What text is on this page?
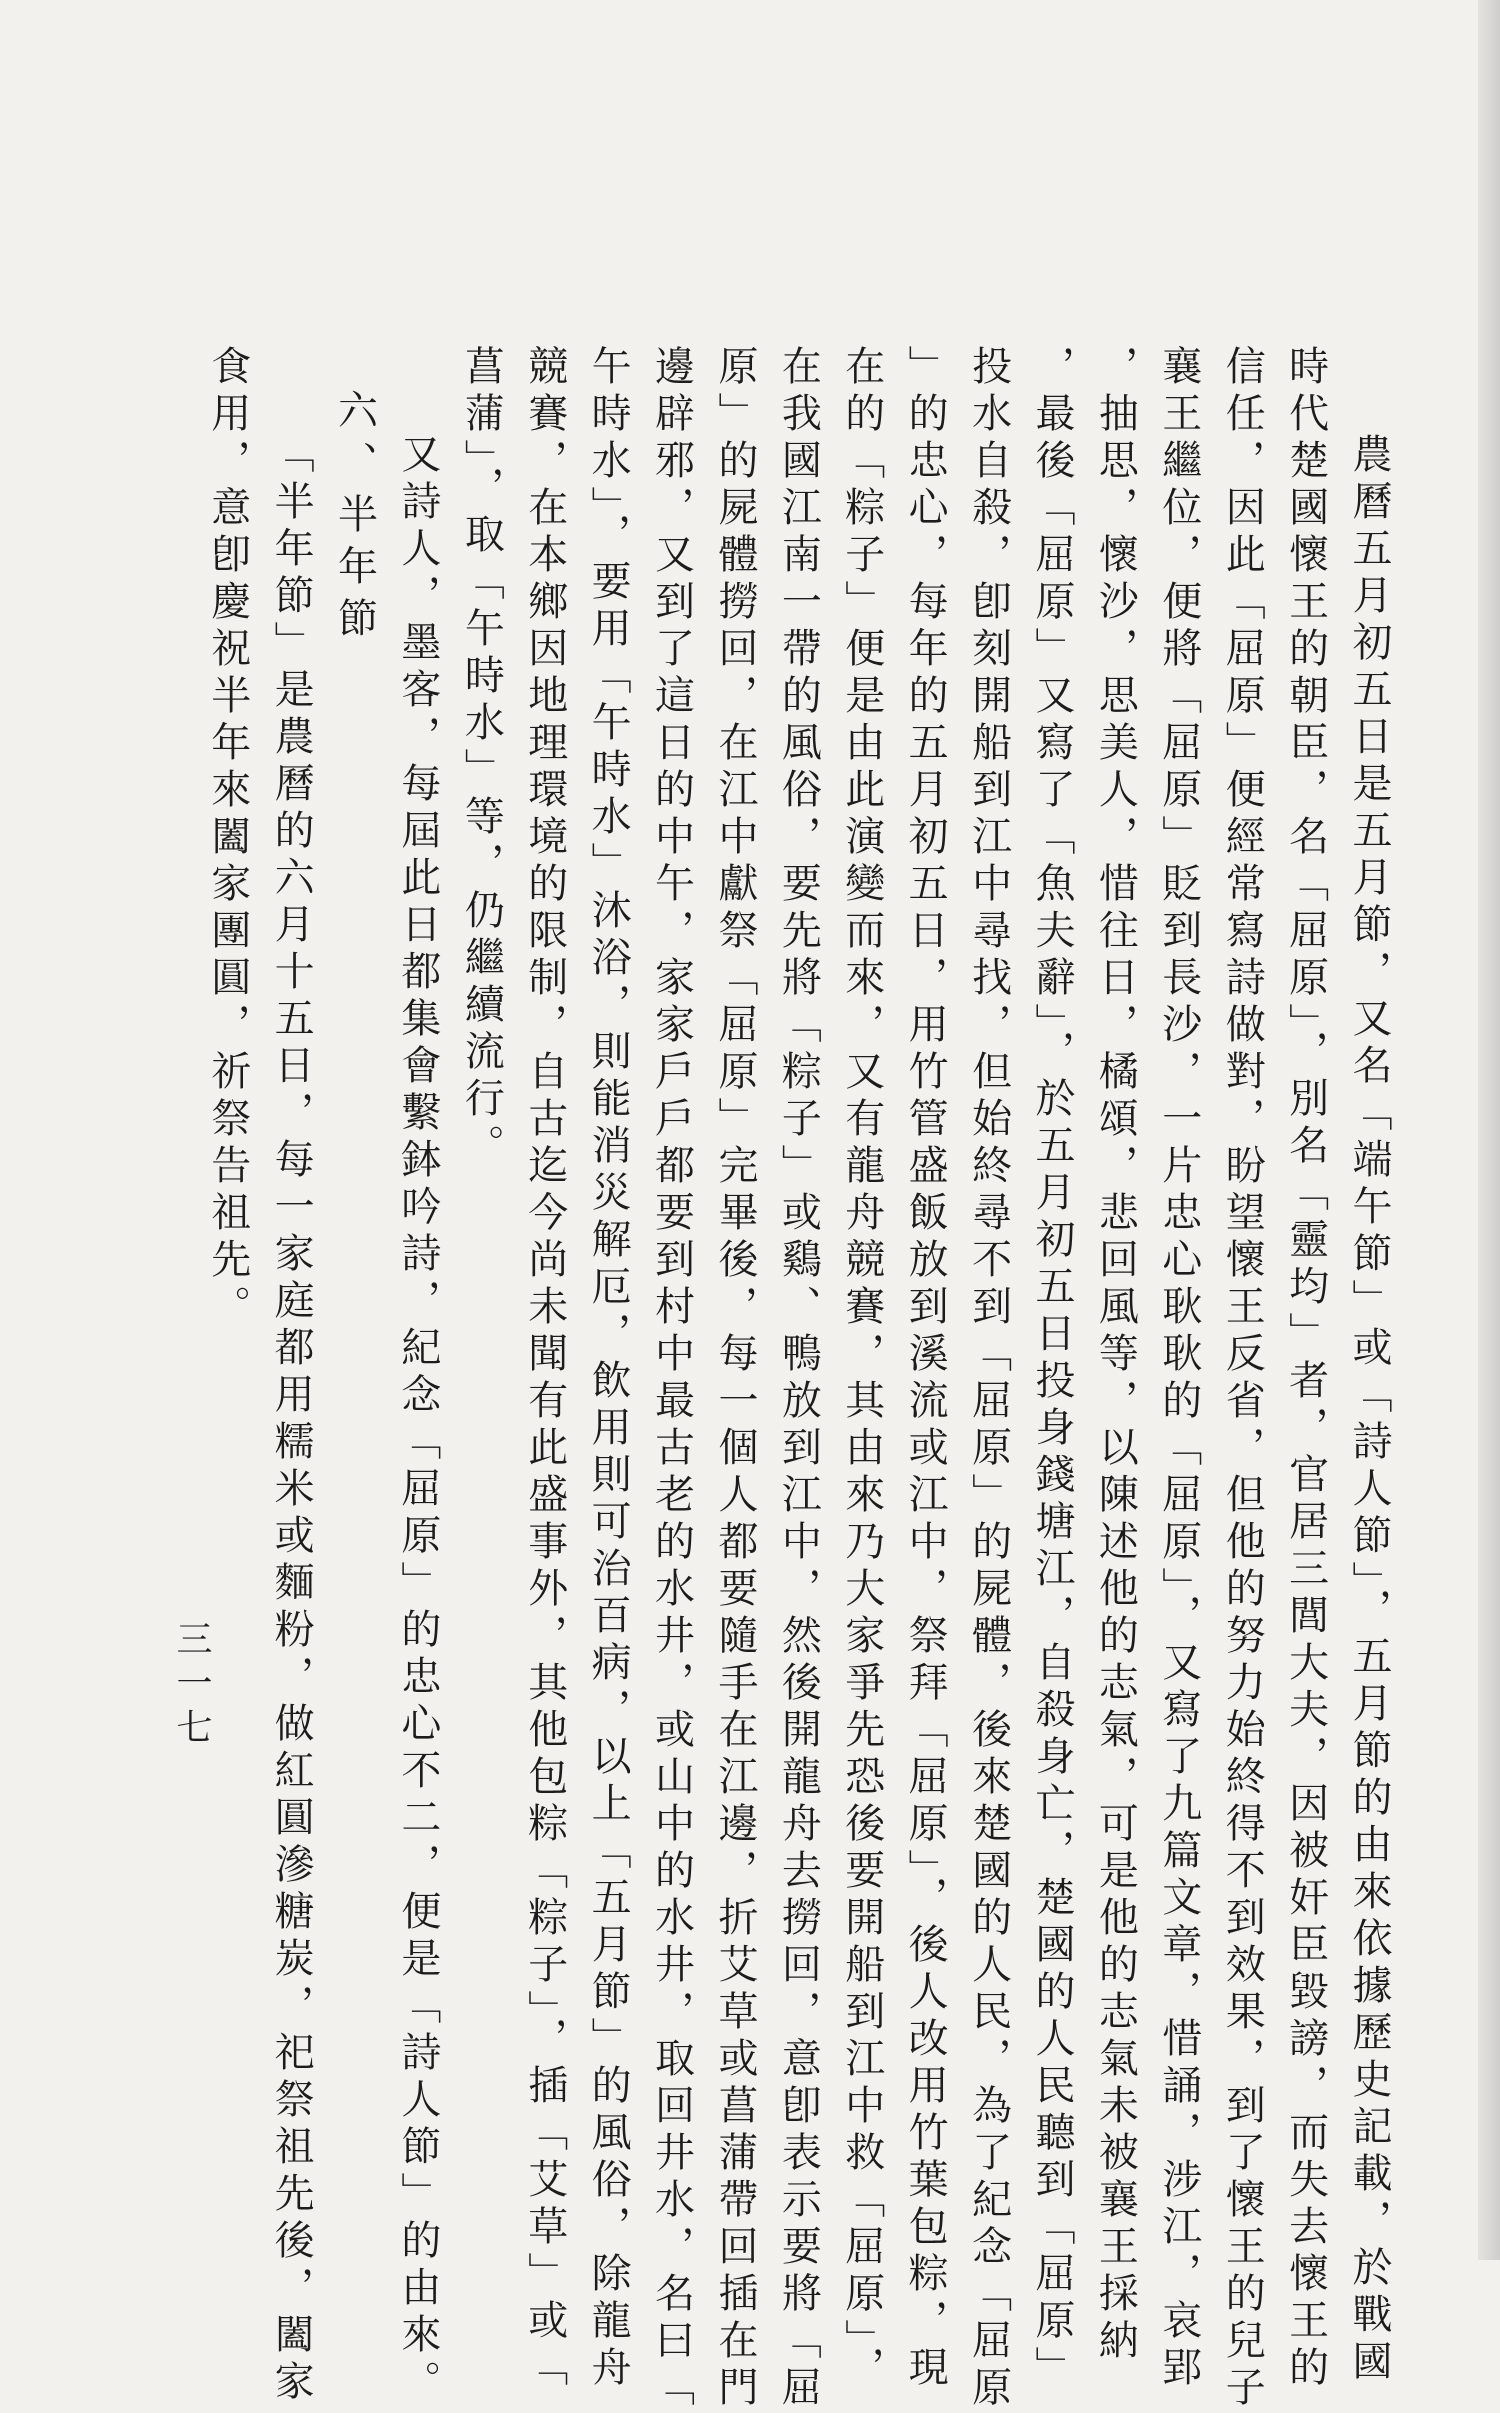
農曆五月初五日是五月節，又名「端午節」或「詩人節」，五月節的由來依據歷史記載，於戰國
時代楚國懷王的朝臣，名「屈原」，別名「靈均」者，官居三閭大夫，因被奸臣毀謗，而失去懷王的
信任，因此「屈原」便經常寫詩做對，盼望懷王反省，但他的努力始終得不到效果，到了懷王的兒子
襄王繼位，便將「屈原」貶到長沙，一片忠心耿耿的「屈原」，又寫了九篇文章，惜誦，涉江，哀郢
，抽思，懷沙，思美人，惜往日，橘頌，悲回風等，以陳述他的志氣，可是他的志氣未被襄王採納
，最後「屈原」又寫了「魚夫辭」，於五月初五日投身錢塘江，自殺身亡，楚國的人民聽到「屈原」
投水自殺，卽刻開船到江中尋找，但始終尋不到「屈原」的屍體，後來楚國的人民，為了紀念「屈原
」的忠心，每年的五月初五日，用竹管盛飯放到溪流或江中，祭拜「屈原」，後人改用竹葉包粽，現
在的「粽子」便是由此演變而來，又有龍舟競賽，其由來乃大家爭先恐後要開船到江中救「屈原」，
在我國江南一帶的風俗，要先將「粽子」或鷄、鴨放到江中，然後開龍舟去撈回，意卽表示要將「屈
原」的屍體撈回，在江中獻祭「屈原」完畢後，每一個人都要隨手在江邊，折艾草或菖蒲帶回插在門
邊辟邪，又到了這日的中午，家家戶戶都要到村中最古老的水井，或山中的水井，取回井水，名曰「
午時水」，要用「午時水」沐浴，則能消災解厄，飲用則可治百病，以上「五月節」的風俗，除龍舟
競賽，在本鄉因地理環境的限制，自古迄今尚未聞有此盛事外，其他包粽「粽子」，插「艾草」或「
菖蒲」，取「午時水」等，仍繼續流行。
又詩人，墨客，每屆此日都集會繫鉢吟詩，紀念「屈原」的忠心不二，便是「詩人節」的由來。
六、半年節
「半年節」是農曆的六月十五日，每一家庭都用糯米或麵粉，做紅圓滲糖炭，祀祭祖先後，闔家
食用，意卽慶祝半年來闔家團圓，祈祭告祖先。
三一七
